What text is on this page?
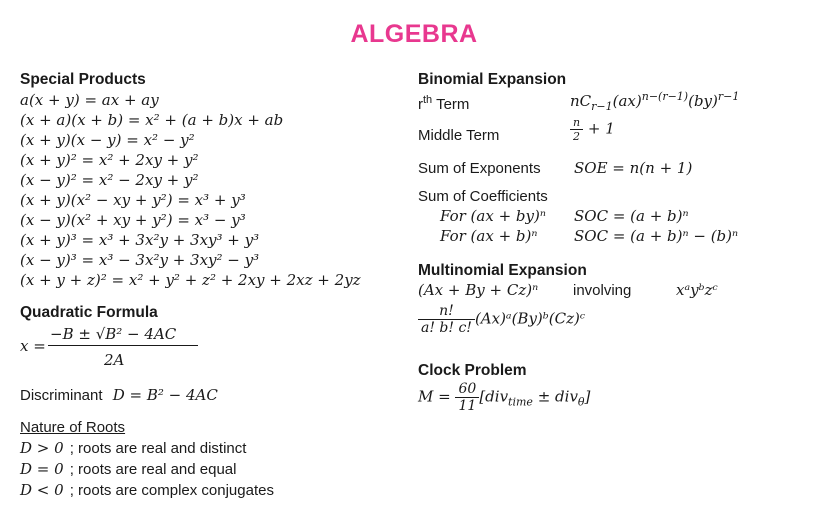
ALGEBRA
Special Products
a(x + y) = ax + ay
(x + a)(x + b) = x² + (a + b)x + ab
(x + y)(x − y) = x² − y²
(x + y)² = x² + 2xy + y²
(x − y)² = x² − 2xy + y²
(x + y)(x² − xy + y²) = x³ + y³
(x − y)(x² + xy + y²) = x³ − y³
(x + y)³ = x³ + 3x²y + 3xy³ + y³
(x − y)³ = x³ − 3x²y + 3xy² − y³
(x + y + z)² = x² + y² + z² + 2xy + 2xz + 2yz
Quadratic Formula
x =
−B ± √B² − 4AC
2A
Discriminant D = B² − 4AC
Nature of Roots
D > 0 ; roots are real and distinct
D = 0 ; roots are real and equal
D < 0 ; roots are complex conjugates
Binomial Expansion
$r^{th}$ Term	$nC_{r-1}(ax)^{n-(r-1)}(by)^{r-1}$
Middle Term	$\frac{n}{2} + 1$
Sum of Exponents SOE = n(n + 1)
Sum of Coefficients
For (ax + by)ⁿ SOC = (a + b)ⁿ
For (ax + b)ⁿ SOC = (a + b)ⁿ − (b)ⁿ
Multinomial Expansion
(Ax + By + Cz)ⁿ involving	xᵃyᵇzᶜ
$\frac{n!}{a! b! c!}$ (Ax)ᵃ(By)ᵇ(Cz)ᶜ
Clock Problem
$M = \frac{60}{11} [div_{time} \pm div_\theta]$
